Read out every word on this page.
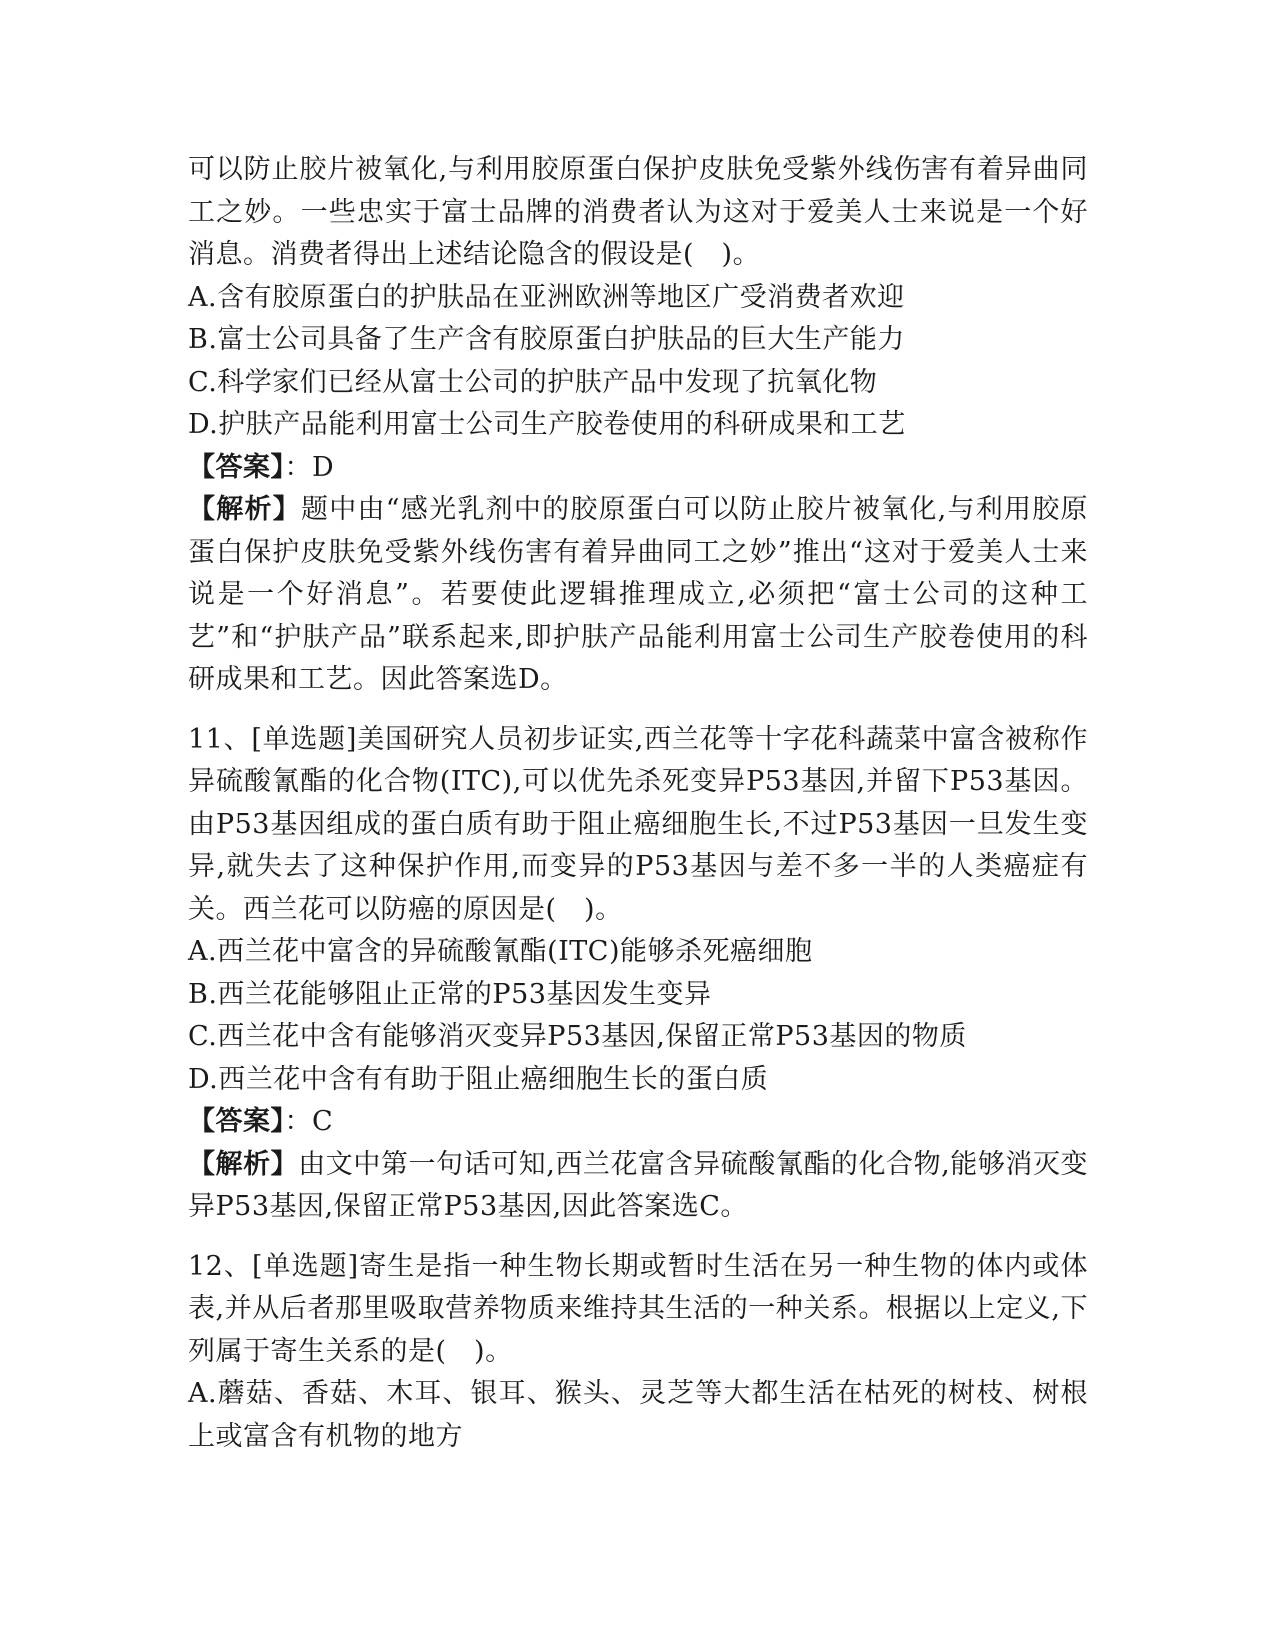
可以防止胶片被氧化,与利用胶原蛋白保护皮肤免受紫外线伤害有着异曲同工之妙。一些忠实于富士品牌的消费者认为这对于爱美人士来说是一个好消息。消费者得出上述结论隐含的假设是(　)。

A.含有胶原蛋白的护肤品在亚洲欧洲等地区广受消费者欢迎

B.富士公司具备了生产含有胶原蛋白护肤品的巨大生产能力

C.科学家们已经从富士公司的护肤产品中发现了抗氧化物

D.护肤产品能利用富士公司生产胶卷使用的科研成果和工艺

【答案】：D

【解析】题中由“感光乳剂中的胶原蛋白可以防止胶片被氧化,与利用胶原蛋白保护皮肤免受紫外线伤害有着异曲同工之妙”推出“这对于爱美人士来说是一个好消息”。若要使此逻辑推理成立,必须把“富士公司的这种工艺”和“护肤产品”联系起来,即护肤产品能利用富士公司生产胶卷使用的科研成果和工艺。因此答案选D。

11、[单选题]美国研究人员初步证实,西兰花等十字花科蔬菜中富含被称作异硫酸氰酯的化合物(ITC),可以优先杀死变异P53基因,并留下P53基因。由P53基因组成的蛋白质有助于阻止癌细胞生长,不过P53基因一旦发生变异,就失去了这种保护作用,而变异的P53基因与差不多一半的人类癌症有关。西兰花可以防癌的原因是(　)。

A.西兰花中富含的异硫酸氰酯(ITC)能够杀死癌细胞

B.西兰花能够阻止正常的P53基因发生变异

C.西兰花中含有能够消灭变异P53基因,保留正常P53基因的物质

D.西兰花中含有有助于阻止癌细胞生长的蛋白质

【答案】：C

【解析】由文中第一句话可知,西兰花富含异硫酸氰酯的化合物,能够消灭变异P53基因,保留正常P53基因,因此答案选C。

12、[单选题]寄生是指一种生物长期或暂时生活在另一种生物的体内或体表,并从后者那里吸取营养物质来维持其生活的一种关系。根据以上定义,下列属于寄生关系的是(　)。

A.蘑菇、香菇、木耳、银耳、猴头、灵芝等大都生活在枯死的树枝、树根上或富含有机物的地方
